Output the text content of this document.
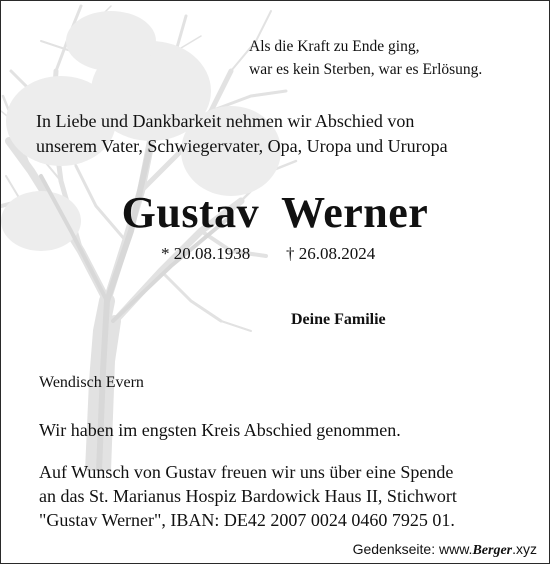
Als die Kraft zu Ende ging,
war es kein Sterben, war es Erlösung.
In Liebe und Dankbarkeit nehmen wir Abschied von
unserem Vater, Schwiegervater, Opa, Uropa und Ururopa
Gustav Werner
* 20.08.1938 † 26.08.2024
Deine Familie
Wendisch Evern
Wir haben im engsten Kreis Abschied genommen.
Auf Wunsch von Gustav freuen wir uns über eine Spende
an das St. Marianus Hospiz Bardowick Haus II, Stichwort
"Gustav Werner", IBAN: DE42 2007 0024 0460 7925 01.
Gedenkseite: www.Berger.xyz
